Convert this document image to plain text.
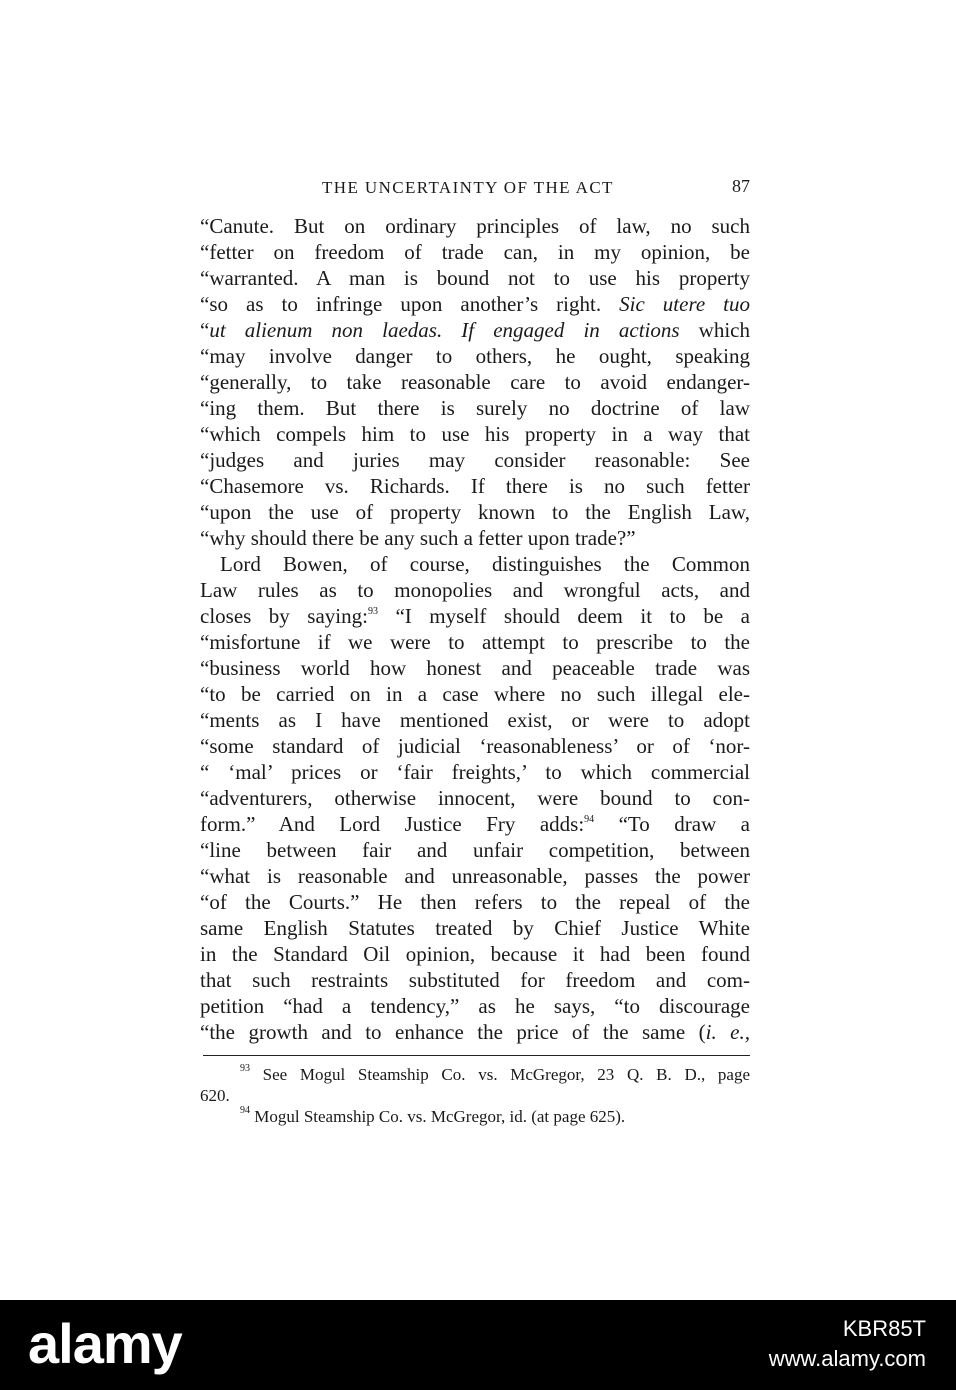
THE UNCERTAINTY OF THE ACT	87
“Canute. But on ordinary principles of law, no such
“fetter on freedom of trade can, in my opinion, be
“warranted. A man is bound not to use his property
“so as to infringe upon another’s right. Sic utere tuo
“ut alienum non laedas. If engaged in actions which
“may involve danger to others, he ought, speaking
“generally, to take reasonable care to avoid endanger-
“ing them. But there is surely no doctrine of law
“which compels him to use his property in a way that
“judges and juries may consider reasonable: See
“Chasemore vs. Richards. If there is no such fetter
“upon the use of property known to the English Law,
“why should there be any such a fetter upon trade?”
Lord Bowen, of course, distinguishes the Common
Law rules as to monopolies and wrongful acts, and
closes by saying:$^{93}$ “I myself should deem it to be a
“misfortune if we were to attempt to prescribe to the
“business world how honest and peaceable trade was
“to be carried on in a case where no such illegal ele-
“ments as I have mentioned exist, or were to adopt
“some standard of judicial ‘reasonableness’ or of ‘nor-
“ ‘mal’ prices or ‘fair freights,’ to which commercial
“adventurers, otherwise innocent, were bound to con-
form.” And Lord Justice Fry adds:$^{94}$ “To draw a
“line between fair and unfair competition, between
“what is reasonable and unreasonable, passes the power
“of the Courts.” He then refers to the repeal of the
same English Statutes treated by Chief Justice White
in the Standard Oil opinion, because it had been found
that such restraints substituted for freedom and com-
petition “had a tendency,” as he says, “to discourage
“the growth and to enhance the price of the same (i. e.,
$^{93}$ See Mogul Steamship Co. vs. McGregor, 23 Q. B. D., page
620.
$^{94}$ Mogul Steamship Co. vs. McGregor, id. (at page 625).
alamy	KBR85T
www.alamy.com
